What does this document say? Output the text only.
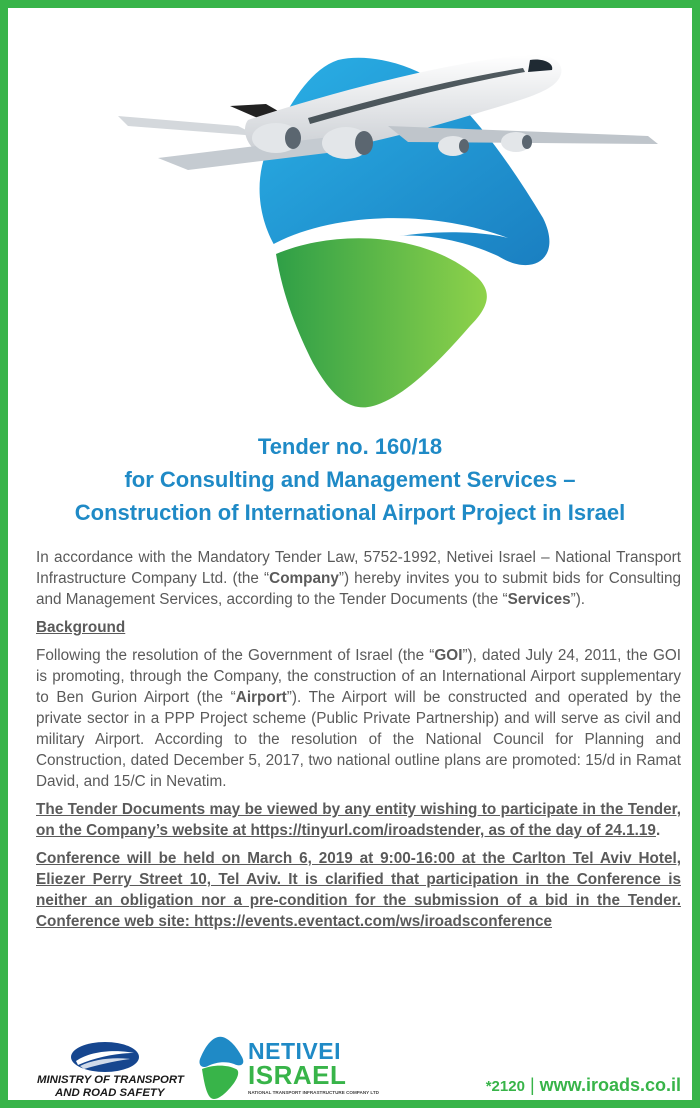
Tender no. 160/18
for Consulting and Management Services –
Construction of International Airport Project in Israel

In accordance with the Mandatory Tender Law, 5752-1992, Netivei Israel – National Transport Infrastructure Company Ltd. (the “Company”) hereby invites you to submit bids for Consulting and Management Services, according to the Tender Documents (the “Services”).

Background

Following the resolution of the Government of Israel (the “GOI”), dated July 24, 2011, the GOI is promoting, through the Company, the construction of an International Airport supplementary to Ben Gurion Airport (the “Airport”). The Airport will be constructed and operated by the private sector in a PPP Project scheme (Public Private Partnership) and will serve as civil and military Airport. According to the resolution of the National Council for Planning and Construction, dated December 5, 2017, two national outline plans are promoted: 15/d in Ramat David, and 15/C in Nevatim.

The Tender Documents may be viewed by any entity wishing to participate in the Tender, on the Company’s website at https://tinyurl.com/iroadstender, as of the day of 24.1.19.

Conference will be held on March 6, 2019 at 9:00-16:00 at the Carlton Tel Aviv Hotel, Eliezer Perry Street 10, Tel Aviv. It is clarified that participation in the Conference is neither an obligation nor a pre-condition for the submission of a bid in the Tender. Conference web site: https://events.eventact.com/ws/iroadsconference

MINISTRY OF TRANSPORT
AND ROAD SAFETY
NETIVEI
ISRAEL
NATIONAL TRANSPORT INFRASTRUCTURE COMPANY LTD	*2120 | www.iroads.co.il
